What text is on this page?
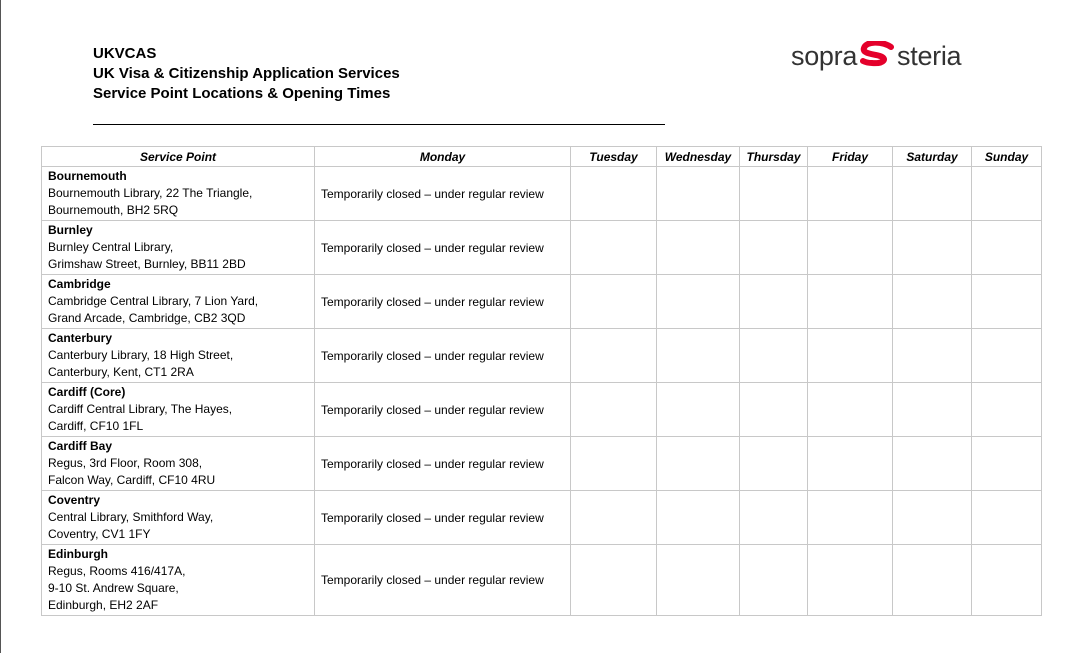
UKVCAS
UK Visa & Citizenship Application Services
Service Point Locations & Opening Times
sopra steria
Service Point	Monday	Tuesday	Wednesday	Thursday	Friday	Saturday	Sunday

Bournemouth
Bournemouth Library, 22 The Triangle,
Bournemouth, BH2 5RQ	Temporarily closed – under regular review						

Burnley
Burnley Central Library,
Grimshaw Street, Burnley, BB11 2BD	Temporarily closed – under regular review						

Cambridge
Cambridge Central Library, 7 Lion Yard,
Grand Arcade, Cambridge, CB2 3QD	Temporarily closed – under regular review						

Canterbury
Canterbury Library, 18 High Street,
Canterbury, Kent, CT1 2RA	Temporarily closed – under regular review						

Cardiff (Core)
Cardiff Central Library, The Hayes,
Cardiff, CF10 1FL	Temporarily closed – under regular review						

Cardiff Bay
Regus, 3rd Floor, Room 308,
Falcon Way, Cardiff, CF10 4RU	Temporarily closed – under regular review						

Coventry
Central Library, Smithford Way,
Coventry, CV1 1FY	Temporarily closed – under regular review						

Edinburgh
Regus, Rooms 416/417A,
9-10 St. Andrew Square,
Edinburgh, EH2 2AF	Temporarily closed – under regular review						
